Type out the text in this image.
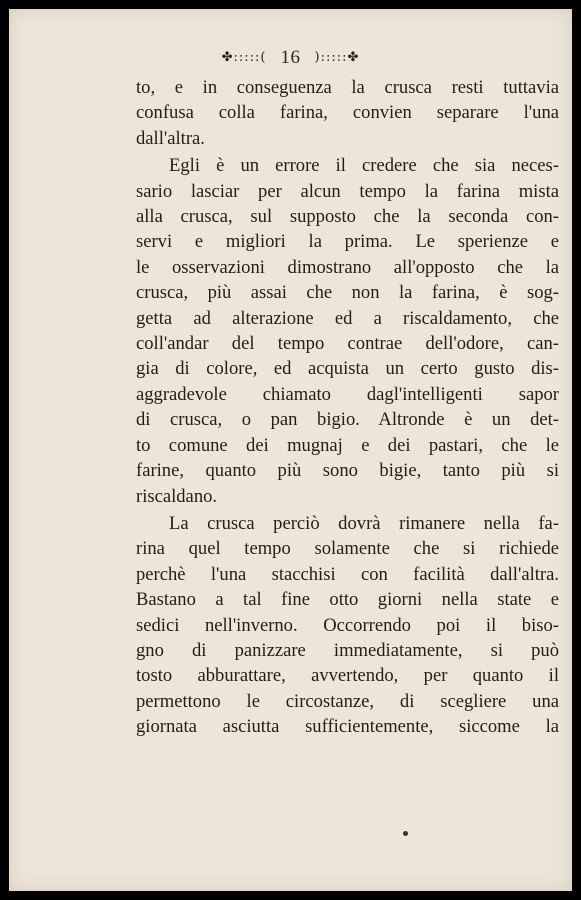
✤:::::( 16 ):::::✤

to, e in conseguenza la crusca resti tuttavia
confusa colla farina, convien separare l'una
dall'altra.

Egli è un errore il credere che sia neces-
sario lasciar per alcun tempo la farina mista
alla crusca, sul supposto che la seconda con-
servi e migliori la prima. Le sperienze e
le osservazioni dimostrano all'opposto che la
crusca, più assai che non la farina, è sog-
getta ad alterazione ed a riscaldamento, che
coll'andar del tempo contrae dell'odore, can-
gia di colore, ed acquista un certo gusto dis-
aggradevole chiamato dagl'intelligenti sapor
di crusca, o pan bigio. Altronde è un det-
to comune dei mugnaj e dei pastari, che le
farine, quanto più sono bigie, tanto più si
riscaldano.

La crusca perciò dovrà rimanere nella fa-
rina quel tempo solamente che si richiede
perchè l'una stacchisi con facilità dall'altra.
Bastano a tal fine otto giorni nella state e
sedici nell'inverno. Occorrendo poi il biso-
gno di panizzare immediatamente, si può
tosto abburattare, avvertendo, per quanto il
permettono le circostanze, di scegliere una
giornata asciutta sufficientemente, siccome la
